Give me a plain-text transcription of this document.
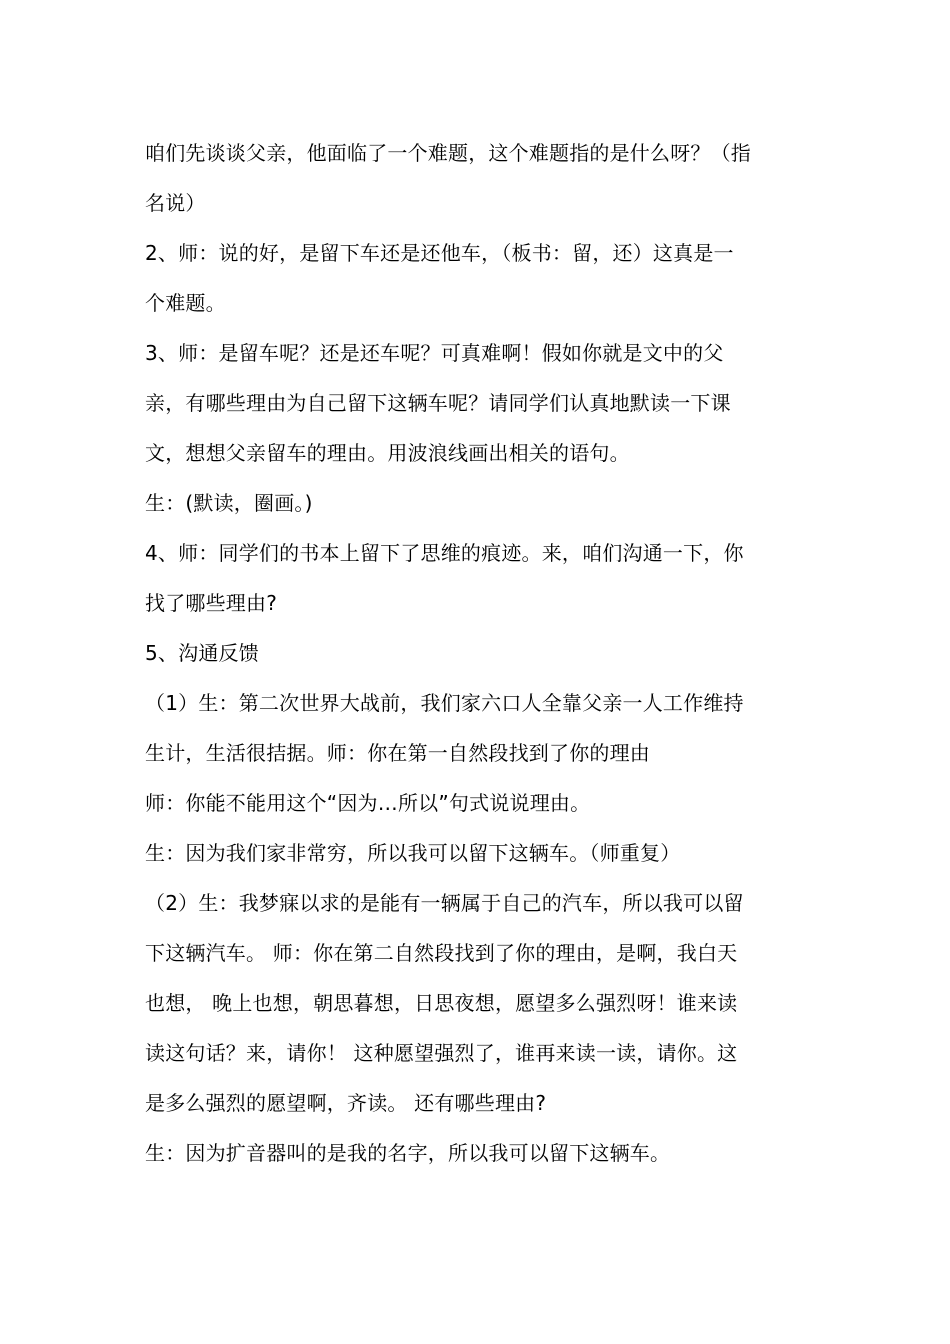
咱们先谈谈父亲，他面临了一个难题，这个难题指的是什么呀？（指
名说）
2、师：说的好，是留下车还是还他车，（板书：留，还）这真是一
个难题。
3、师：是留车呢？还是还车呢？可真难啊！假如你就是文中的父
亲，有哪些理由为自己留下这辆车呢？请同学们认真地默读一下课
文，想想父亲留车的理由。用波浪线画出相关的语句。
生：(默读，圈画。)
4、师：同学们的书本上留下了思维的痕迹。来，咱们沟通一下，你
找了哪些理由?
5、沟通反馈
（1）生：第二次世界大战前，我们家六口人全靠父亲一人工作维持
生计，生活很拮据。师：你在第一自然段找到了你的理由
师：你能不能用这个“因为…所以”句式说说理由。
生：因为我们家非常穷，所以我可以留下这辆车。（师重复）
（2）生：我梦寐以求的是能有一辆属于自己的汽车，所以我可以留
下这辆汽车。 师：你在第二自然段找到了你的理由，是啊，我白天
也想， 晚上也想，朝思暮想，日思夜想，愿望多么强烈呀！谁来读
读这句话？来，请你！ 这种愿望强烈了，谁再来读一读，请你。这
是多么强烈的愿望啊，齐读。 还有哪些理由?
生：因为扩音器叫的是我的名字，所以我可以留下这辆车。
